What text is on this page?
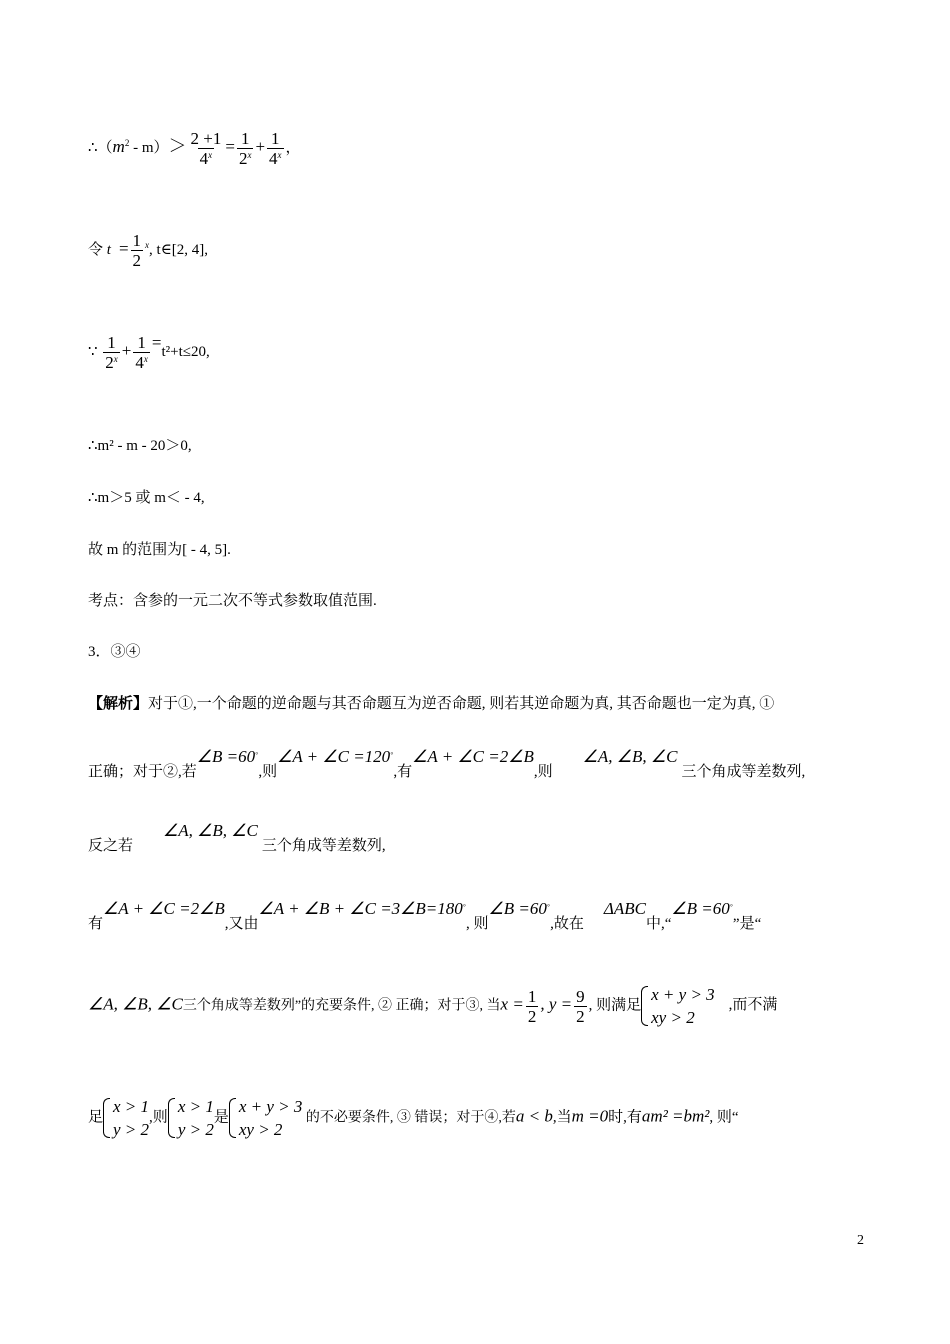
$\therefore(m^2 - m)> \frac{2 +1}{4^x} = \frac{1}{2^x} + \frac{1}{4^x}$ ，
令 $t = \frac{1}{2} ^x$, t∈[2, 4],
∵ $\frac{1}{2^x} + \frac{1}{4^x} =t^2+t\le 20$,
∴m² - m - 20＞0,
∴m＞5 或 m＜ - 4,
故 m 的范围为[ - 4, 5].
考点：含参的一元二次不等式参数取值范围.
3．③④
【解析】对于①,一个命题的逆命题与其否命题互为逆否命题, 则若其逆命题为真, 其否命题也一定为真, ①
正确；对于②,若∠B =60◦,则∠A + ∠C =120◦,有∠A + ∠C =2∠B,则∠A, ∠B, ∠C三个角成等差数列,
反之若∠A, ∠B, ∠C三个角成等差数列,
有∠A + ∠C =2∠B,又由∠A + ∠B + ∠C =3∠B=180◦, 则∠B =60◦,故在ΔABC中,“∠B =60◦”是“
∠A, ∠B, ∠C三个角成等差数列”的充要条件, ② 正确；对于③, 当$x = \frac{1}{2}$ , $y = \frac{9}{2}$ , 则满足
x + y > 3
xy > 2
,而不满
足
x > 1
y > 2
,则
x > 1
y > 2
是
x + y > 3
xy > 2
的不必要条件, ③ 错误；对于④,若a < b,当m =0时,有am² =bm², 则“
2
